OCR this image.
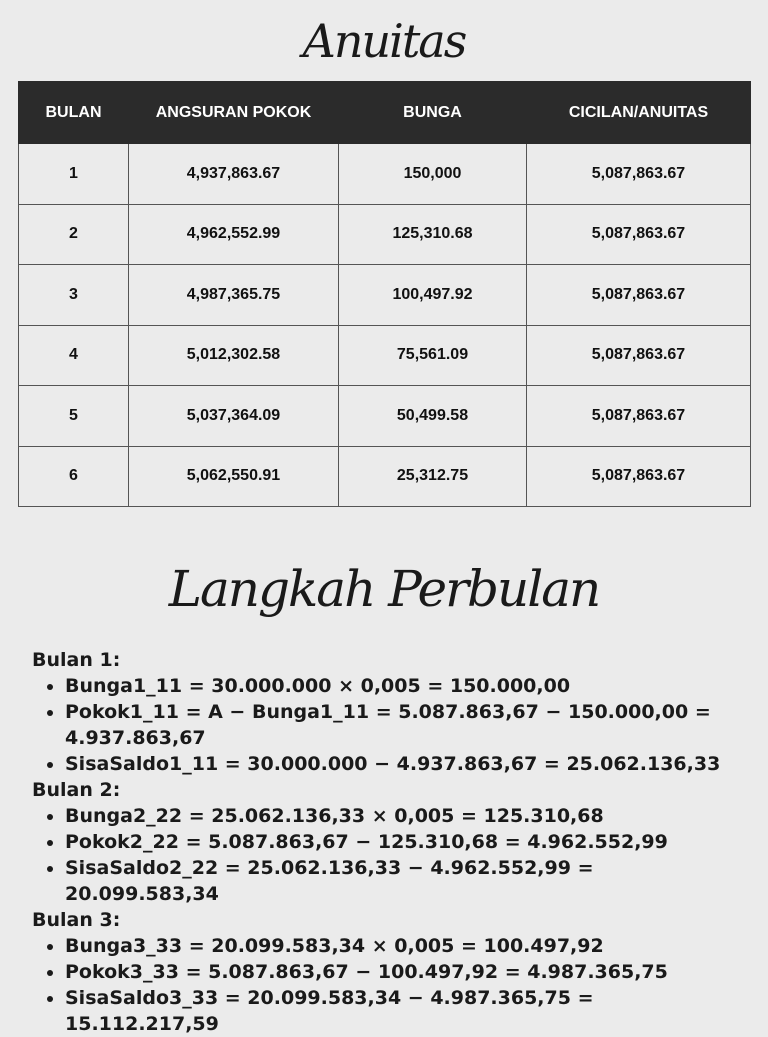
Anuitas
BULAN	ANGSURAN POKOK	BUNGA	CICILAN/ANUITAS
1	4,937,863.67	150,000	5,087,863.67
2	4,962,552.99	125,310.68	5,087,863.67
3	4,987,365.75	100,497.92	5,087,863.67
4	5,012,302.58	75,561.09	5,087,863.67
5	5,037,364.09	50,499.58	5,087,863.67
6	5,062,550.91	25,312.75	5,087,863.67
Langkah Perbulan
Bulan 1:
• Bunga1_11 = 30.000.000 × 0,005 = 150.000,00
• Pokok1_11 = A − Bunga1_11 = 5.087.863,67 − 150.000,00 = 4.937.863,67
• SisaSaldo1_11 = 30.000.000 − 4.937.863,67 = 25.062.136,33
Bulan 2:
• Bunga2_22 = 25.062.136,33 × 0,005 = 125.310,68
• Pokok2_22 = 5.087.863,67 − 125.310,68 = 4.962.552,99
• SisaSaldo2_22 = 25.062.136,33 − 4.962.552,99 = 20.099.583,34
Bulan 3:
• Bunga3_33 = 20.099.583,34 × 0,005 = 100.497,92
• Pokok3_33 = 5.087.863,67 − 100.497,92 = 4.987.365,75
• SisaSaldo3_33 = 20.099.583,34 − 4.987.365,75 = 15.112.217,59
